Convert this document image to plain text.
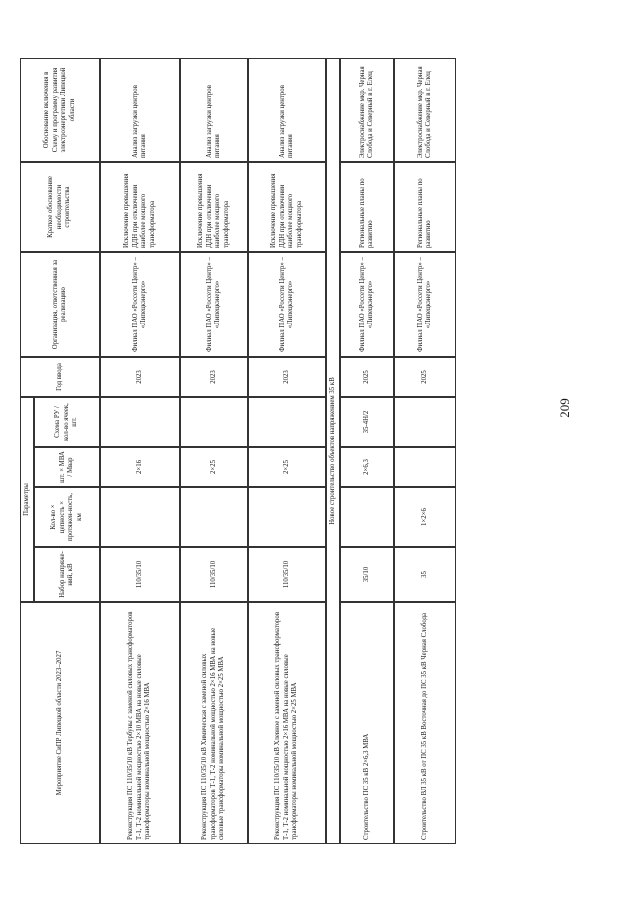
Мероприятие СиПР Липецкой области 2023–2027
Параметры
Набор напряже-ний, кВ
Кол-во × цепность × протяжен-ность, км
шт. × МВА / Мвар
Схема РУ / кол-во ячеек, шт.
Год ввода
Организация, ответственная за реализацию
Краткое обоснование необходимости строительства
Обоснование включения в Схему и программу развития электроэнергетики Липецкой области
Реконструкция ПС 110/35/10 кВ Тербуны с заменой силовых трансформаторов Т-1, Т-2 номинальной мощностью 2×10 МВА на новые силовые трансформаторы номинальной мощностью 2×16 МВА
110/35/10
2×16
2023
Филиал ПАО «Россети Центр» – «Липецкэнерго»
Исключение превышения ДДН при отключении наиболее мощного трансформатора
Анализ загрузки центров питания
Реконструкция ПС 110/35/10 кВ Химическая с заменой силовых трансформаторов Т-1, Т-2 номинальной мощностью 2×16 МВА на новые силовые трансформаторы номинальной мощностью 2×25 МВА
110/35/10
2×25
2023
Филиал ПАО «Россети Центр» – «Липецкэнерго»
Исключение превышения ДДН при отключении наиболее мощного трансформатора
Анализ загрузки центров питания
Реконструкция ПС 110/35/10 кВ Хлевное с заменой силовых трансформаторов Т-1, Т-2 номинальной мощностью 2×16 МВА на новые силовые трансформаторы номинальной мощностью 2×25 МВА
110/35/10
2×25
2023
Филиал ПАО «Россети Центр» – «Липецкэнерго»
Исключение превышения ДДН при отключении наиболее мощного трансформатора
Анализ загрузки центров питания
Новое строительство объектов напряжением 35 кВ
Строительство ПС 35 кВ 2×6,3 МВА
35/10
2×6,3
35-4Н/2
2025
Филиал ПАО «Россети Центр» – «Липецкэнерго»
Региональные планы по развитию
Электроснабжение мкр. Черная Слобода и Северный в г. Елец
Строительство ВЛ 35 кВ от ПС 35 кВ Восточная до ПС 35 кВ Черная Слобода
35
1×2×6
2025
Филиал ПАО «Россети Центр» – «Липецкэнерго»
Региональные планы по развитию
Электроснабжение мкр. Черная Слобода и Северный в г. Елец
209
